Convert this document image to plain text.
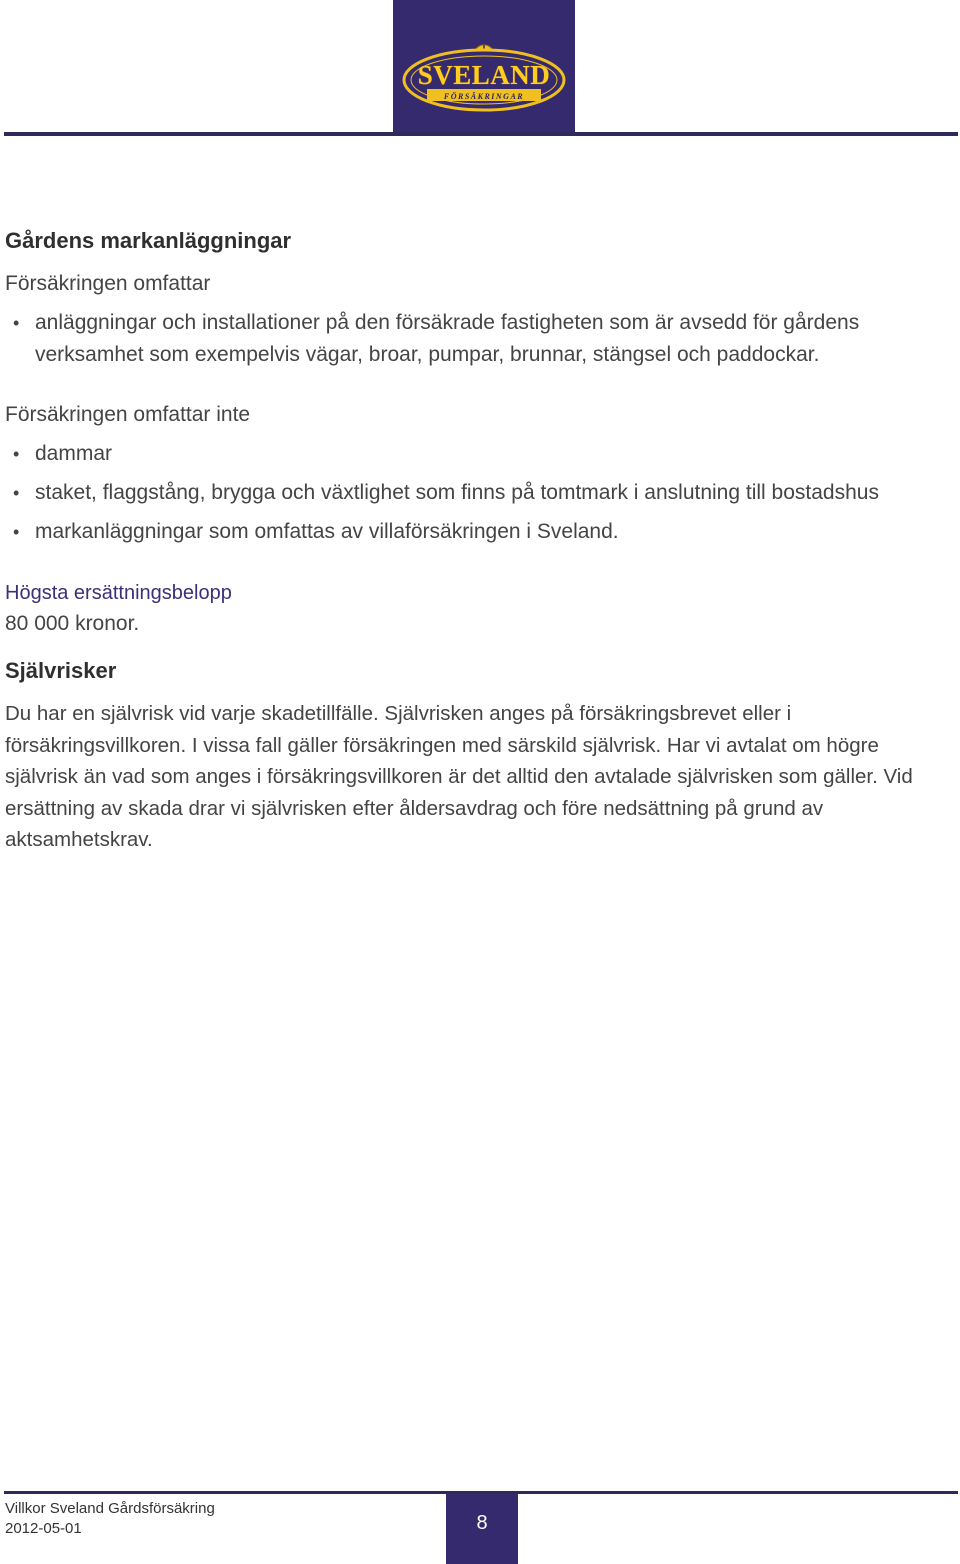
SVELAND
FÖRSÄKRINGAR
Gårdens markanläggningar
Försäkringen omfattar
• anläggningar och installationer på den försäkrade fastigheten som är avsedd för gårdens verksamhet som exempelvis vägar, broar, pumpar, brunnar, stängsel och paddockar.
Försäkringen omfattar inte
• dammar
• staket, flaggstång, brygga och växtlighet som finns på tomtmark i anslutning till bostadshus
• markanläggningar som omfattas av villaförsäkringen i Sveland.
Högsta ersättningsbelopp
80 000 kronor.
Självrisker
Du har en självrisk vid varje skadetillfälle. Självrisken anges på försäkringsbrevet eller i försäkringsvillkoren. I vissa fall gäller försäkringen med särskild självrisk. Har vi avtalat om högre självrisk än vad som anges i försäkringsvillkoren är det alltid den avtalade självrisken som gäller. Vid ersättning av skada drar vi självrisken efter åldersavdrag och före nedsättning på grund av aktsamhetskrav.
Villkor Sveland Gårdsförsäkring
2012-05-01	8
